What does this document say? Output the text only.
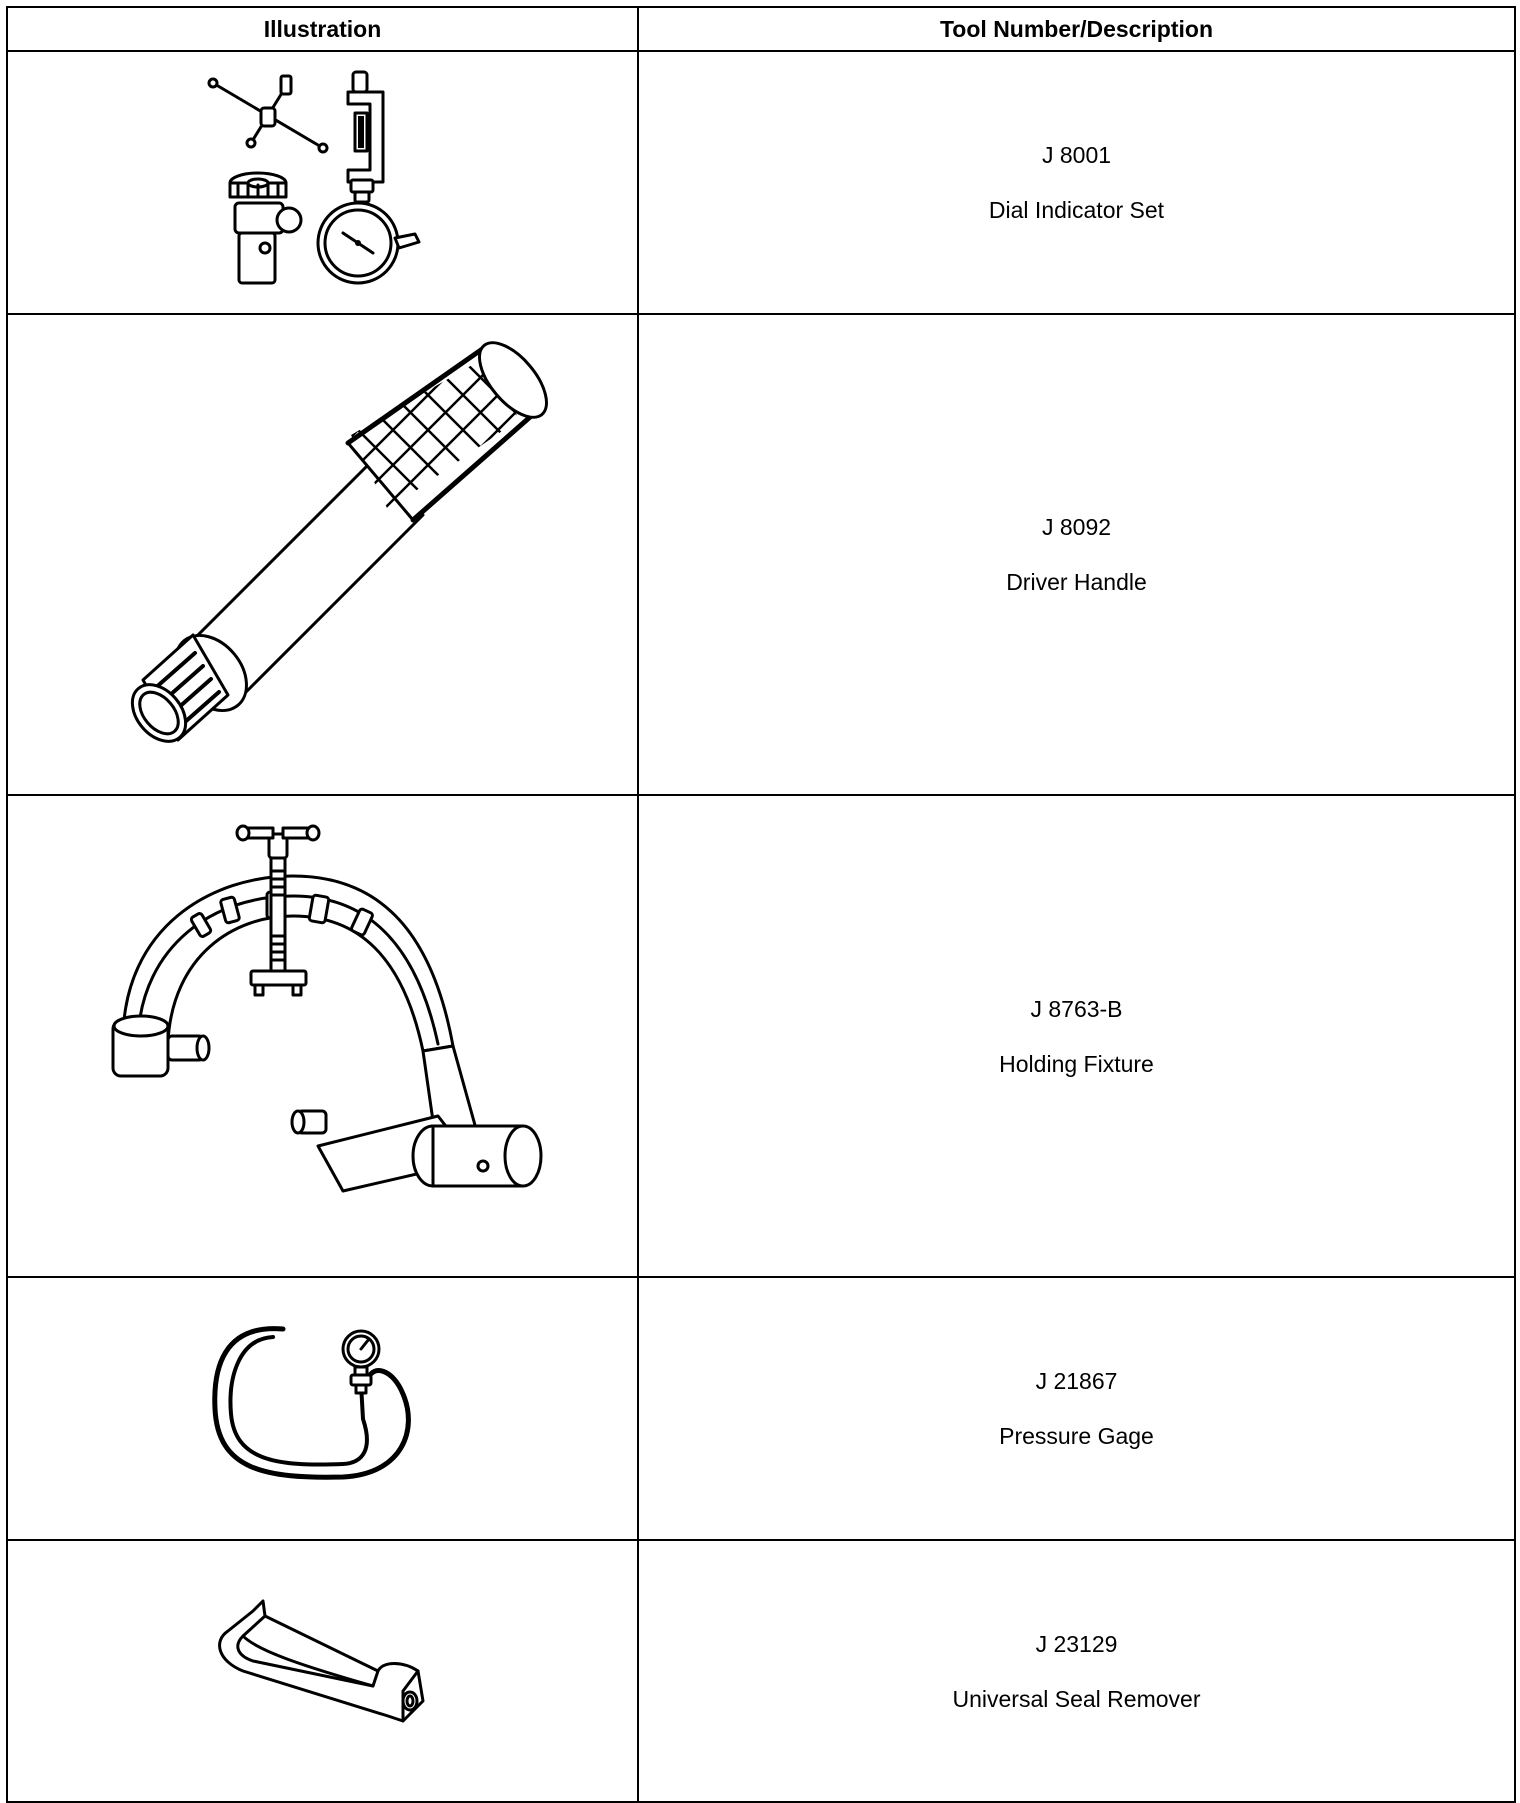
Illustration	Tool Number/Description

J 8001
Dial Indicator Set

J 8092
Driver Handle

J 8763-B
Holding Fixture

J 21867
Pressure Gage

J 23129
Universal Seal Remover
